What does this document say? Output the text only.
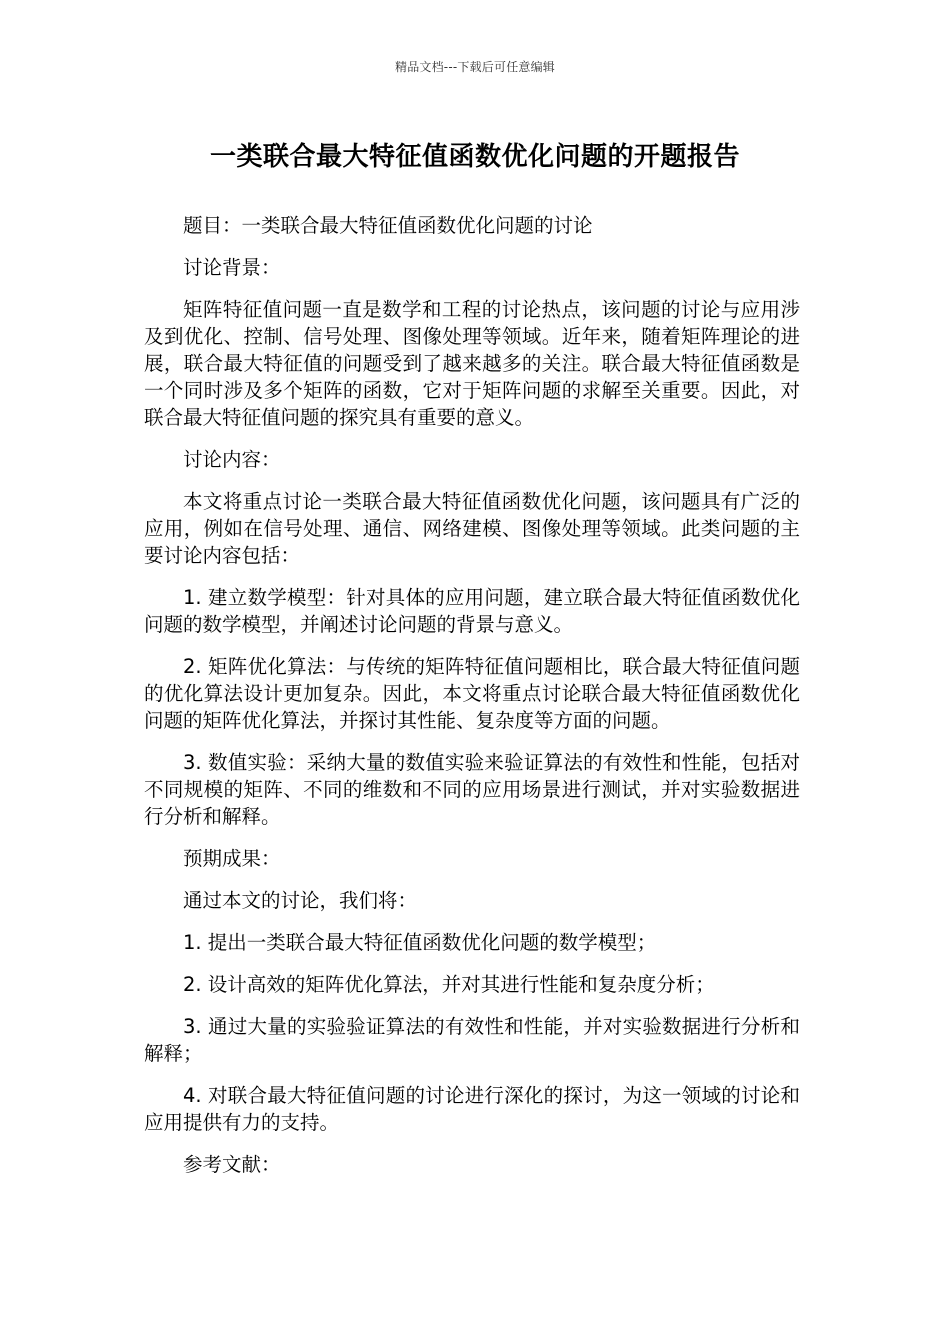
精品文档---下载后可任意编辑
一类联合最大特征值函数优化问题的开题报告

题目：一类联合最大特征值函数优化问题的讨论

讨论背景：

矩阵特征值问题一直是数学和工程的讨论热点，该问题的讨论与应用涉及到优化、控制、信号处理、图像处理等领域。近年来，随着矩阵理论的进展，联合最大特征值的问题受到了越来越多的关注。联合最大特征值函数是一个同时涉及多个矩阵的函数，它对于矩阵问题的求解至关重要。因此，对联合最大特征值问题的探究具有重要的意义。

讨论内容：

本文将重点讨论一类联合最大特征值函数优化问题，该问题具有广泛的应用，例如在信号处理、通信、网络建模、图像处理等领域。此类问题的主要讨论内容包括：

1. 建立数学模型：针对具体的应用问题，建立联合最大特征值函数优化问题的数学模型，并阐述讨论问题的背景与意义。

2. 矩阵优化算法：与传统的矩阵特征值问题相比，联合最大特征值问题的优化算法设计更加复杂。因此，本文将重点讨论联合最大特征值函数优化问题的矩阵优化算法，并探讨其性能、复杂度等方面的问题。

3. 数值实验：采纳大量的数值实验来验证算法的有效性和性能，包括对不同规模的矩阵、不同的维数和不同的应用场景进行测试，并对实验数据进行分析和解释。

预期成果：

通过本文的讨论，我们将：

1. 提出一类联合最大特征值函数优化问题的数学模型；

2. 设计高效的矩阵优化算法，并对其进行性能和复杂度分析；

3. 通过大量的实验验证算法的有效性和性能，并对实验数据进行分析和解释；

4. 对联合最大特征值问题的讨论进行深化的探讨，为这一领域的讨论和应用提供有力的支持。

参考文献：
